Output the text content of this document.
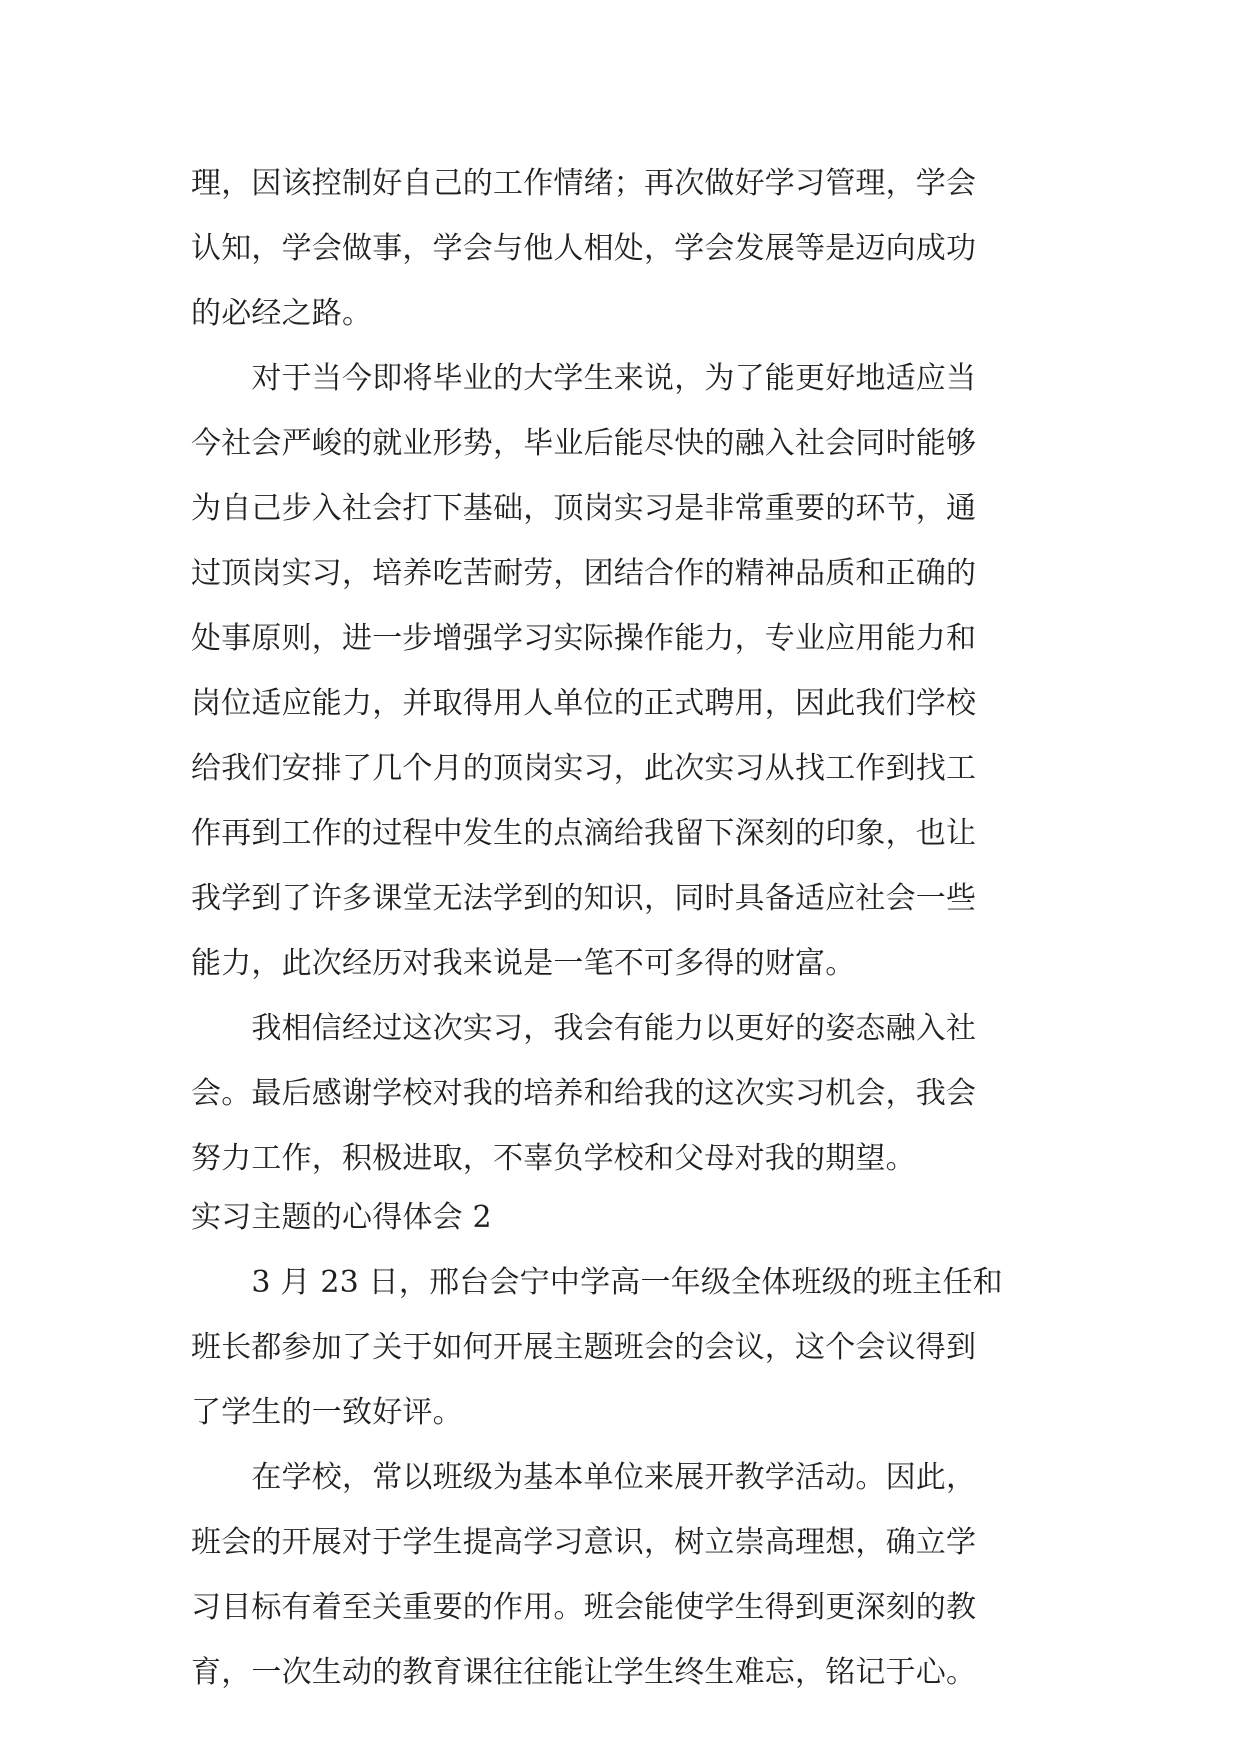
理，因该控制好自己的工作情绪；再次做好学习管理，学会

认知，学会做事，学会与他人相处，学会发展等是迈向成功

的必经之路。

　　对于当今即将毕业的大学生来说，为了能更好地适应当

今社会严峻的就业形势，毕业后能尽快的融入社会同时能够

为自己步入社会打下基础，顶岗实习是非常重要的环节，通

过顶岗实习，培养吃苦耐劳，团结合作的精神品质和正确的

处事原则，进一步增强学习实际操作能力，专业应用能力和

岗位适应能力，并取得用人单位的正式聘用，因此我们学校

给我们安排了几个月的顶岗实习，此次实习从找工作到找工

作再到工作的过程中发生的点滴给我留下深刻的印象，也让

我学到了许多课堂无法学到的知识，同时具备适应社会一些

能力，此次经历对我来说是一笔不可多得的财富。

　　我相信经过这次实习，我会有能力以更好的姿态融入社

会。最后感谢学校对我的培养和给我的这次实习机会，我会

努力工作，积极进取，不辜负学校和父母对我的期望。

实习主题的心得体会 2

　　3 月 23 日，邢台会宁中学高一年级全体班级的班主任和

班长都参加了关于如何开展主题班会的会议，这个会议得到

了学生的一致好评。

　　在学校，常以班级为基本单位来展开教学活动。因此，

班会的开展对于学生提高学习意识，树立崇高理想，确立学

习目标有着至关重要的作用。班会能使学生得到更深刻的教

育，一次生动的教育课往往能让学生终生难忘，铭记于心。
